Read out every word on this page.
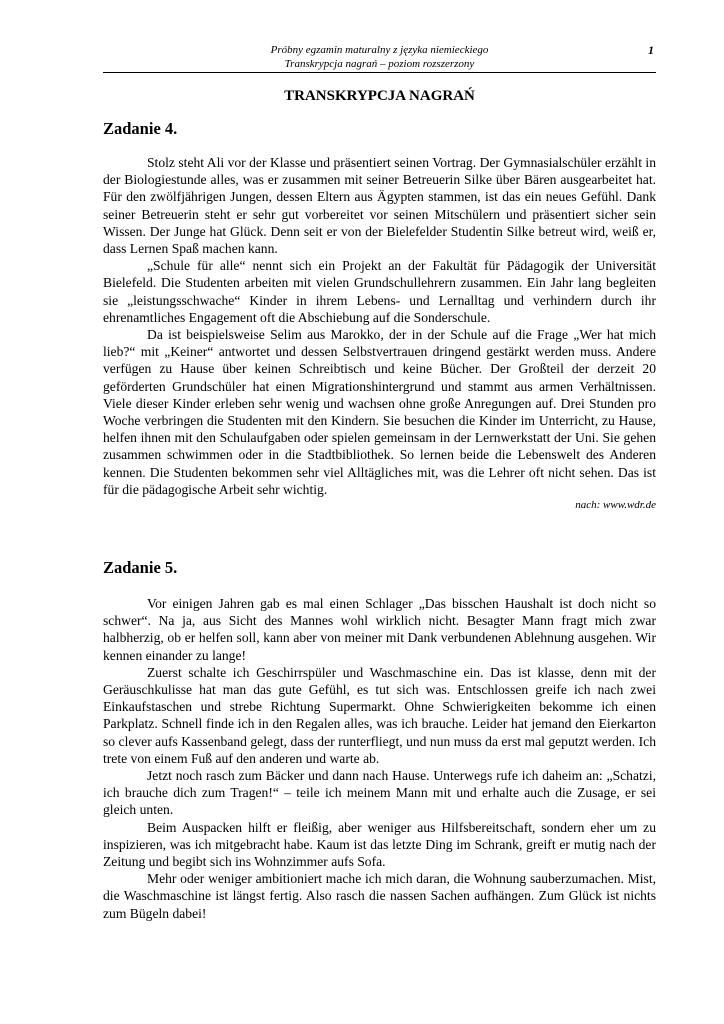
Próbny egzamin maturalny z języka niemieckiego
Transkrypcja nagrań – poziom rozszerzony
1
TRANSKRYPCJA NAGRAŃ
Zadanie 4.

Stolz steht Ali vor der Klasse und präsentiert seinen Vortrag. Der Gymnasialschüler erzählt in der Biologiestunde alles, was er zusammen mit seiner Betreuerin Silke über Bären ausgearbeitet hat. Für den zwölfjährigen Jungen, dessen Eltern aus Ägypten stammen, ist das ein neues Gefühl. Dank seiner Betreuerin steht er sehr gut vorbereitet vor seinen Mitschülern und präsentiert sicher sein Wissen. Der Junge hat Glück. Denn seit er von der Bielefelder Studentin Silke betreut wird, weiß er, dass Lernen Spaß machen kann.

„Schule für alle“ nennt sich ein Projekt an der Fakultät für Pädagogik der Universität Bielefeld. Die Studenten arbeiten mit vielen Grundschullehrern zusammen. Ein Jahr lang begleiten sie „leistungsschwache“ Kinder in ihrem Lebens- und Lernalltag und verhindern durch ihr ehrenamtliches Engagement oft die Abschiebung auf die Sonderschule.

Da ist beispielsweise Selim aus Marokko, der in der Schule auf die Frage „Wer hat mich lieb?“ mit „Keiner“ antwortet und dessen Selbstvertrauen dringend gestärkt werden muss. Andere verfügen zu Hause über keinen Schreibtisch und keine Bücher. Der Großteil der derzeit 20 geförderten Grundschüler hat einen Migrationshintergrund und stammt aus armen Verhältnissen. Viele dieser Kinder erleben sehr wenig und wachsen ohne große Anregungen auf. Drei Stunden pro Woche verbringen die Studenten mit den Kindern. Sie besuchen die Kinder im Unterricht, zu Hause, helfen ihnen mit den Schulaufgaben oder spielen gemeinsam in der Lernwerkstatt der Uni. Sie gehen zusammen schwimmen oder in die Stadtbibliothek. So lernen beide die Lebenswelt des Anderen kennen. Die Studenten bekommen sehr viel Alltägliches mit, was die Lehrer oft nicht sehen. Das ist für die pädagogische Arbeit sehr wichtig.

nach: www.wdr.de
Zadanie 5.

Vor einigen Jahren gab es mal einen Schlager „Das bisschen Haushalt ist doch nicht so schwer“. Na ja, aus Sicht des Mannes wohl wirklich nicht. Besagter Mann fragt mich zwar halbherzig, ob er helfen soll, kann aber von meiner mit Dank verbundenen Ablehnung ausgehen. Wir kennen einander zu lange!

Zuerst schalte ich Geschirrspüler und Waschmaschine ein. Das ist klasse, denn mit der Geräuschkulisse hat man das gute Gefühl, es tut sich was. Entschlossen greife ich nach zwei Einkaufstaschen und strebe Richtung Supermarkt. Ohne Schwierigkeiten bekomme ich einen Parkplatz. Schnell finde ich in den Regalen alles, was ich brauche. Leider hat jemand den Eierkarton so clever aufs Kassenband gelegt, dass der runterfliegt, und nun muss da erst mal geputzt werden. Ich trete von einem Fuß auf den anderen und warte ab.

Jetzt noch rasch zum Bäcker und dann nach Hause. Unterwegs rufe ich daheim an: „Schatzi, ich brauche dich zum Tragen!“ – teile ich meinem Mann mit und erhalte auch die Zusage, er sei gleich unten.

Beim Auspacken hilft er fleißig, aber weniger aus Hilfsbereitschaft, sondern eher um zu inspizieren, was ich mitgebracht habe. Kaum ist das letzte Ding im Schrank, greift er mutig nach der Zeitung und begibt sich ins Wohnzimmer aufs Sofa.

Mehr oder weniger ambitioniert mache ich mich daran, die Wohnung sauberzumachen. Mist, die Waschmaschine ist längst fertig. Also rasch die nassen Sachen aufhängen. Zum Glück ist nichts zum Bügeln dabei!
